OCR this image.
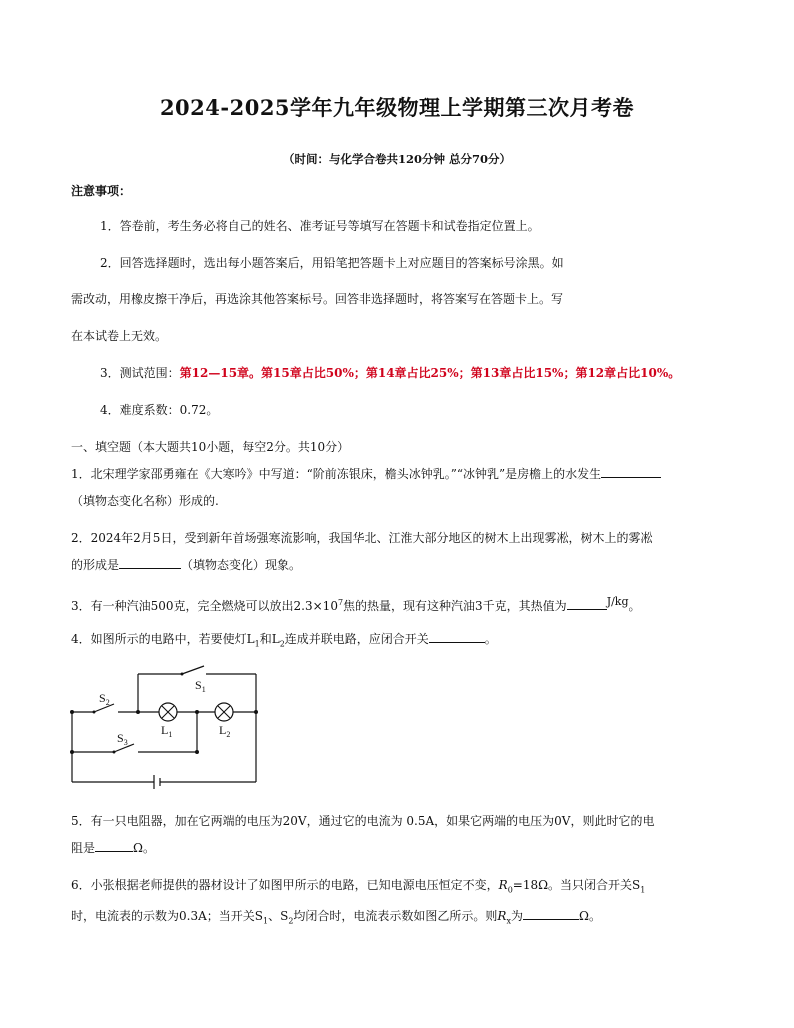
2024-2025学年九年级物理上学期第三次月考卷
（时间：与化学合卷共120分钟 总分70分）
注意事项：
1．答卷前，考生务必将自己的姓名、准考证号等填写在答题卡和试卷指定位置上。
2．回答选择题时，选出每小题答案后，用铅笔把答题卡上对应题目的答案标号涂黑。如
需改动，用橡皮擦干净后，再选涂其他答案标号。回答非选择题时，将答案写在答题卡上。写
在本试卷上无效。
3．测试范围：第12—15章。第15章占比50%；第14章占比25%；第13章占比15%；第12章占比10%。
4．难度系数：0.72。
一、填空题（本大题共10小题，每空2分。共10分）
1．北宋理学家邵勇雍在《大寒吟》中写道：“阶前冻银床，檐头冰钟乳。”“冰钟乳”是房檐上的水发生
（填物态变化名称）形成的.
2．2024年2月5日，受到新年首场强寒流影响，我国华北、江淮大部分地区的树木上出现雾凇，树木上的雾凇
的形成是	（填物态变化）现象。
3．有一种汽油500克，完全燃烧可以放出$2.3\times 10^7$焦的热量，现有这种汽油3千克，其热值为	$^{J/kg}$。
4．如图所示的电路中，若要使灯$L_1$和$L_2$连成并联电路，应闭合开关	。
$S_1$
$S_2$
$S_3$
$L_1$	$L_2$
5．有一只电阻器，加在它两端的电压为20V，通过它的电流为 0.5A，如果它两端的电压为0V，则此时它的电
阻是	Ω。
6．小张根据老师提供的器材设计了如图甲所示的电路，已知电源电压恒定不变，$R_0=18\Omega$。当只闭合开关$S_1$
时，电流表的示数为0.3A；当开关$S_1$、$S_2$均闭合时，电流表示数如图乙所示。则$R_x$为	Ω。
